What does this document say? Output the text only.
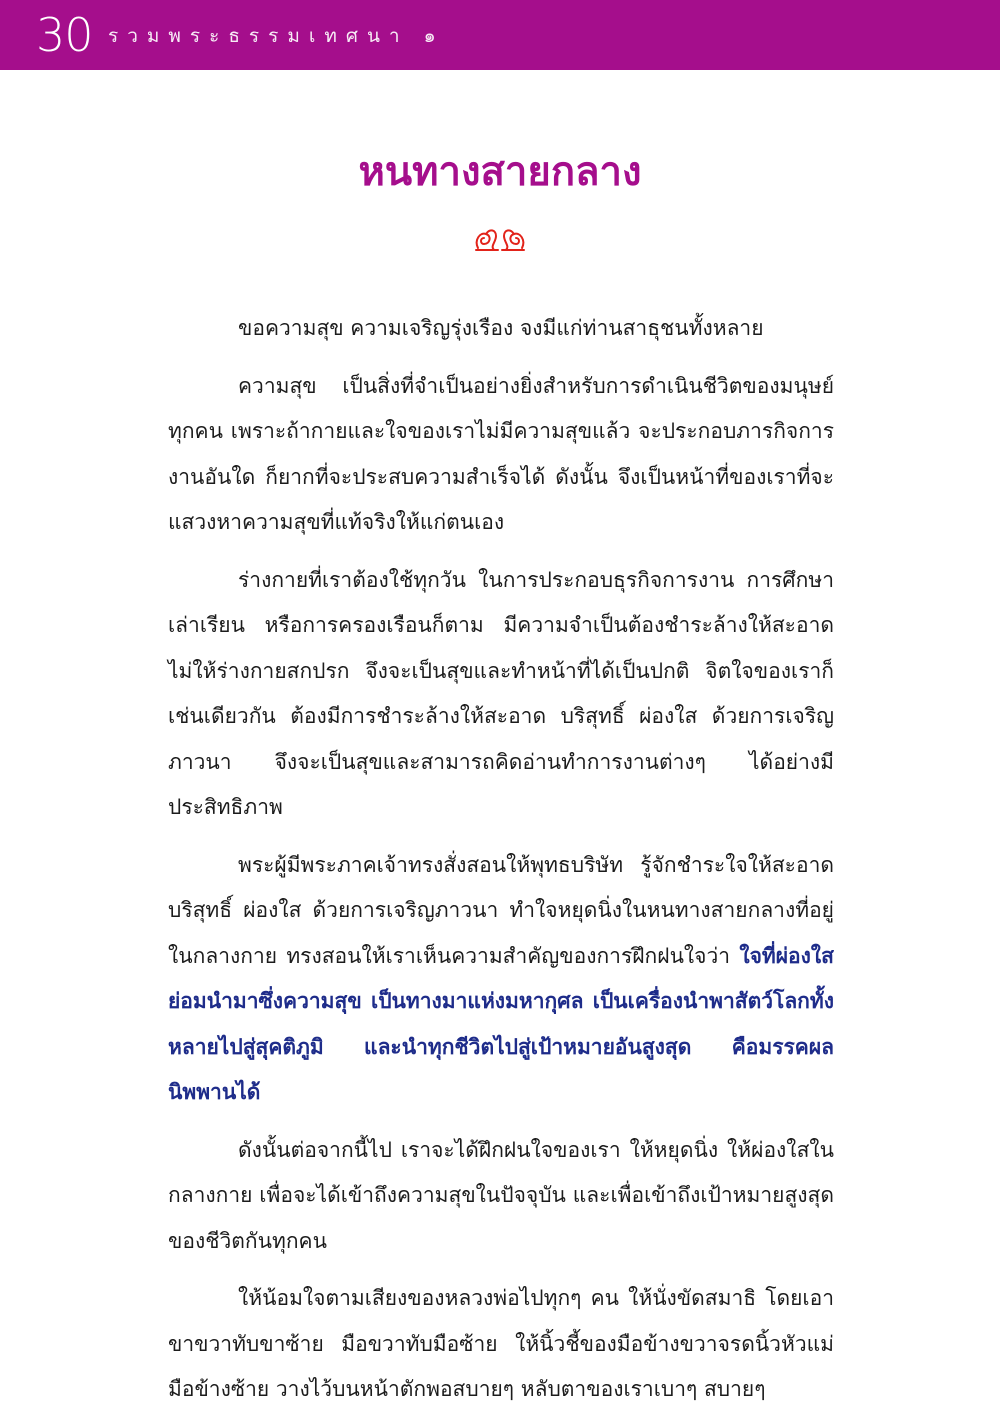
30 รวมพระธรรมเทศนา ๑
หนทางสายกลาง

ขอความสุข ความเจริญรุ่งเรือง จงมีแก่ท่านสาธุชนทั้งหลาย

ความสุข เป็นสิ่งที่จำเป็นอย่างยิ่งสำหรับการดำเนินชีวิตของมนุษย์ทุกคน เพราะถ้ากายและใจของเราไม่มีความสุขแล้ว จะประกอบภารกิจการงานอันใด ก็ยากที่จะประสบความสำเร็จได้ ดังนั้น จึงเป็นหน้าที่ของเราที่จะแสวงหาความสุขที่แท้จริงให้แก่ตนเอง

ร่างกายที่เราต้องใช้ทุกวัน ในการประกอบธุรกิจการงาน การศึกษาเล่าเรียน หรือการครองเรือนก็ตาม มีความจำเป็นต้องชำระล้างให้สะอาด ไม่ให้ร่างกายสกปรก จึงจะเป็นสุขและทำหน้าที่ได้เป็นปกติ จิตใจของเราก็เช่นเดียวกัน ต้องมีการชำระล้างให้สะอาด บริสุทธิ์ ผ่องใส ด้วยการเจริญภาวนา จึงจะเป็นสุขและสามารถคิดอ่านทำการงานต่างๆ ได้อย่างมีประสิทธิภาพ

พระผู้มีพระภาคเจ้าทรงสั่งสอนให้พุทธบริษัท รู้จักชำระใจให้สะอาด บริสุทธิ์ ผ่องใส ด้วยการเจริญภาวนา ทำใจหยุดนิ่งในหนทางสายกลางที่อยู่ในกลางกาย ทรงสอนให้เราเห็นความสำคัญของการฝึกฝนใจว่า ใจที่ผ่องใสย่อมนำมาซึ่งความสุข เป็นทางมาแห่งมหากุศล เป็นเครื่องนำพาสัตว์โลกทั้งหลายไปสู่สุคติภูมิ และนำทุกชีวิตไปสู่เป้าหมายอันสูงสุด คือมรรคผลนิพพานได้

ดังนั้นต่อจากนี้ไป เราจะได้ฝึกฝนใจของเรา ให้หยุดนิ่ง ให้ผ่องใสในกลางกาย เพื่อจะได้เข้าถึงความสุขในปัจจุบัน และเพื่อเข้าถึงเป้าหมายสูงสุดของชีวิตกันทุกคน

ให้น้อมใจตามเสียงของหลวงพ่อไปทุกๆ คน ให้นั่งขัดสมาธิ โดยเอาขาขวาทับขาซ้าย มือขวาทับมือซ้าย ให้นิ้วชี้ของมือข้างขวาจรดนิ้วหัวแม่มือข้างซ้าย วางไว้บนหน้าตักพอสบายๆ หลับตาของเราเบาๆ สบายๆ
